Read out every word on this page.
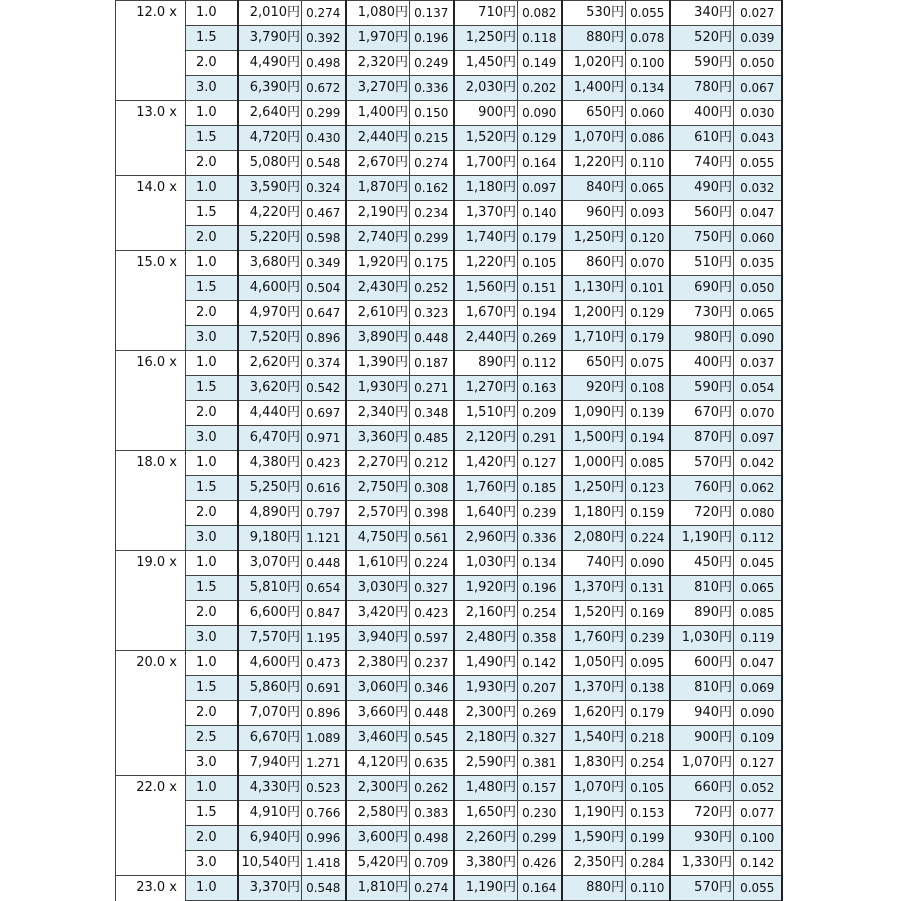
12.0 x	1.0	2,010円	0.274	1,080円	0.137	710円	0.082	530円	0.055	340円	0.027
	1.5	3,790円	0.392	1,970円	0.196	1,250円	0.118	880円	0.078	520円	0.039
	2.0	4,490円	0.498	2,320円	0.249	1,450円	0.149	1,020円	0.100	590円	0.050
	3.0	6,390円	0.672	3,270円	0.336	2,030円	0.202	1,400円	0.134	780円	0.067
13.0 x	1.0	2,640円	0.299	1,400円	0.150	900円	0.090	650円	0.060	400円	0.030
	1.5	4,720円	0.430	2,440円	0.215	1,520円	0.129	1,070円	0.086	610円	0.043
	2.0	5,080円	0.548	2,670円	0.274	1,700円	0.164	1,220円	0.110	740円	0.055
14.0 x	1.0	3,590円	0.324	1,870円	0.162	1,180円	0.097	840円	0.065	490円	0.032
	1.5	4,220円	0.467	2,190円	0.234	1,370円	0.140	960円	0.093	560円	0.047
	2.0	5,220円	0.598	2,740円	0.299	1,740円	0.179	1,250円	0.120	750円	0.060
15.0 x	1.0	3,680円	0.349	1,920円	0.175	1,220円	0.105	860円	0.070	510円	0.035
	1.5	4,600円	0.504	2,430円	0.252	1,560円	0.151	1,130円	0.101	690円	0.050
	2.0	4,970円	0.647	2,610円	0.323	1,670円	0.194	1,200円	0.129	730円	0.065
	3.0	7,520円	0.896	3,890円	0.448	2,440円	0.269	1,710円	0.179	980円	0.090
16.0 x	1.0	2,620円	0.374	1,390円	0.187	890円	0.112	650円	0.075	400円	0.037
	1.5	3,620円	0.542	1,930円	0.271	1,270円	0.163	920円	0.108	590円	0.054
	2.0	4,440円	0.697	2,340円	0.348	1,510円	0.209	1,090円	0.139	670円	0.070
	3.0	6,470円	0.971	3,360円	0.485	2,120円	0.291	1,500円	0.194	870円	0.097
18.0 x	1.0	4,380円	0.423	2,270円	0.212	1,420円	0.127	1,000円	0.085	570円	0.042
	1.5	5,250円	0.616	2,750円	0.308	1,760円	0.185	1,250円	0.123	760円	0.062
	2.0	4,890円	0.797	2,570円	0.398	1,640円	0.239	1,180円	0.159	720円	0.080
	3.0	9,180円	1.121	4,750円	0.561	2,960円	0.336	2,080円	0.224	1,190円	0.112
19.0 x	1.0	3,070円	0.448	1,610円	0.224	1,030円	0.134	740円	0.090	450円	0.045
	1.5	5,810円	0.654	3,030円	0.327	1,920円	0.196	1,370円	0.131	810円	0.065
	2.0	6,600円	0.847	3,420円	0.423	2,160円	0.254	1,520円	0.169	890円	0.085
	3.0	7,570円	1.195	3,940円	0.597	2,480円	0.358	1,760円	0.239	1,030円	0.119
20.0 x	1.0	4,600円	0.473	2,380円	0.237	1,490円	0.142	1,050円	0.095	600円	0.047
	1.5	5,860円	0.691	3,060円	0.346	1,930円	0.207	1,370円	0.138	810円	0.069
	2.0	7,070円	0.896	3,660円	0.448	2,300円	0.269	1,620円	0.179	940円	0.090
	2.5	6,670円	1.089	3,460円	0.545	2,180円	0.327	1,540円	0.218	900円	0.109
	3.0	7,940円	1.271	4,120円	0.635	2,590円	0.381	1,830円	0.254	1,070円	0.127
22.0 x	1.0	4,330円	0.523	2,300円	0.262	1,480円	0.157	1,070円	0.105	660円	0.052
	1.5	4,910円	0.766	2,580円	0.383	1,650円	0.230	1,190円	0.153	720円	0.077
	2.0	6,940円	0.996	3,600円	0.498	2,260円	0.299	1,590円	0.199	930円	0.100
	3.0	10,540円	1.418	5,420円	0.709	3,380円	0.426	2,350円	0.284	1,330円	0.142
23.0 x	1.0	3,370円	0.548	1,810円	0.274	1,190円	0.164	880円	0.110	570円	0.055
